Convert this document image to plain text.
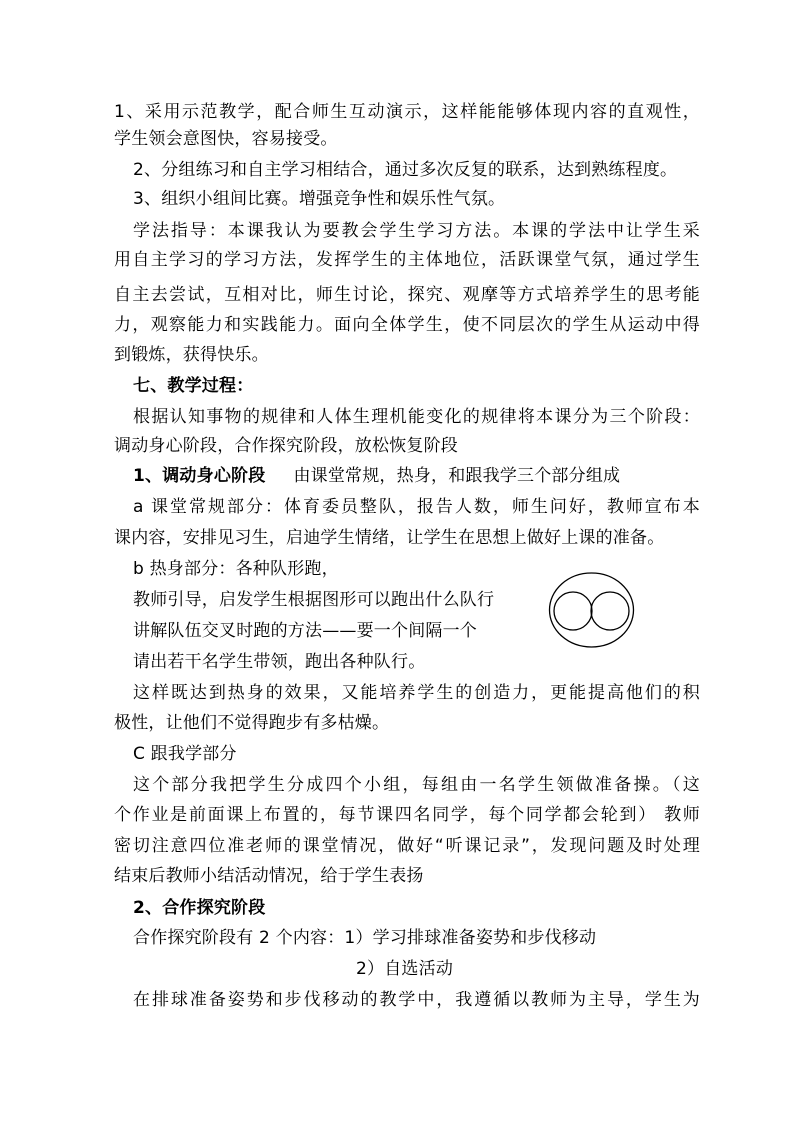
1、采用示范教学，配合师生互动演示，这样能能够体现内容的直观性，
学生领会意图快，容易接受。
2、分组练习和自主学习相结合，通过多次反复的联系，达到熟练程度。
3、组织小组间比赛。增强竞争性和娱乐性气氛。
学法指导：本课我认为要教会学生学习方法。本课的学法中让学生采
用自主学习的学习方法，发挥学生的主体地位，活跃课堂气氛，通过学生
自主去尝试，互相对比，师生讨论，探究、观摩等方式培养学生的思考能
力，观察能力和实践能力。面向全体学生，使不同层次的学生从运动中得
到锻炼，获得快乐。
七、教学过程：
根据认知事物的规律和人体生理机能变化的规律将本课分为三个阶段：
调动身心阶段，合作探究阶段，放松恢复阶段
1、调动身心阶段 由课堂常规，热身，和跟我学三个部分组成
a 课堂常规部分：体育委员整队，报告人数，师生问好，教师宣布本
课内容，安排见习生，启迪学生情绪，让学生在思想上做好上课的准备。
b 热身部分：各种队形跑，
教师引导，启发学生根据图形可以跑出什么队行
讲解队伍交叉时跑的方法——要一个间隔一个
请出若干名学生带领，跑出各种队行。
这样既达到热身的效果，又能培养学生的创造力，更能提高他们的积
极性，让他们不觉得跑步有多枯燥。
C 跟我学部分
这个部分我把学生分成四个小组，每组由一名学生领做准备操。（这
个作业是前面课上布置的，每节课四名同学，每个同学都会轮到） 教师
密切注意四位准老师的课堂情况，做好“听课记录”，发现问题及时处理
结束后教师小结活动情况，给于学生表扬
2、合作探究阶段
合作探究阶段有 2 个内容：1）学习排球准备姿势和步伐移动
2）自选活动
在排球准备姿势和步伐移动的教学中，我遵循以教师为主导，学生为
